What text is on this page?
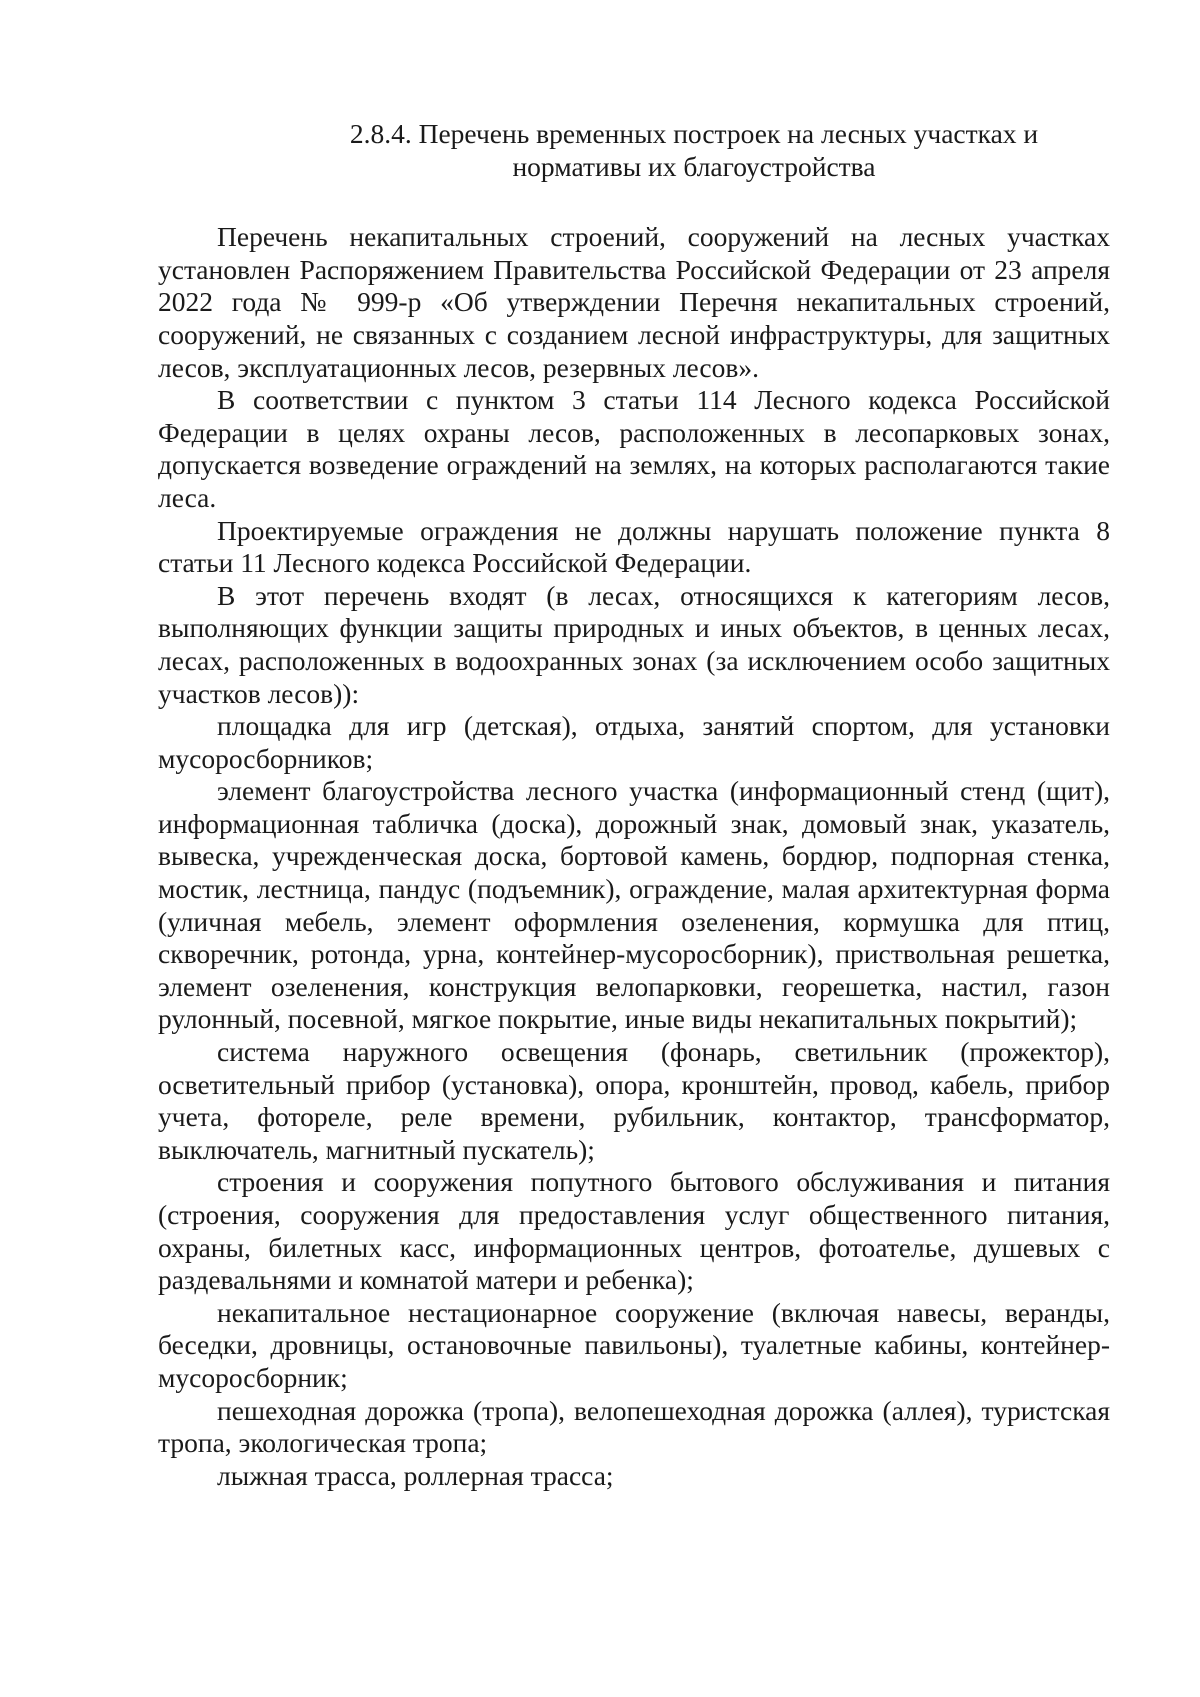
2.8.4. Перечень временных построек на лесных участках и
нормативы их благоустройства

Перечень некапитальных строений, сооружений на лесных участках установлен Распоряжением Правительства Российской Федерации от 23 апреля 2022 года № 999-р «Об утверждении Перечня некапитальных строений, сооружений, не связанных с созданием лесной инфраструктуры, для защитных лесов, эксплуатационных лесов, резервных лесов».

В соответствии с пунктом 3 статьи 114 Лесного кодекса Российской Федерации в целях охраны лесов, расположенных в лесопарковых зонах, допускается возведение ограждений на землях, на которых располагаются такие леса.

Проектируемые ограждения не должны нарушать положение пункта 8 статьи 11 Лесного кодекса Российской Федерации.

В этот перечень входят (в лесах, относящихся к категориям лесов, выполняющих функции защиты природных и иных объектов, в ценных лесах, лесах, расположенных в водоохранных зонах (за исключением особо защитных участков лесов)):

площадка для игр (детская), отдыха, занятий спортом, для установки мусоросборников;

элемент благоустройства лесного участка (информационный стенд (щит), информационная табличка (доска), дорожный знак, домовый знак, указатель, вывеска, учрежденческая доска, бортовой камень, бордюр, подпорная стенка, мостик, лестница, пандус (подъемник), ограждение, малая архитектурная форма (уличная мебель, элемент оформления озеленения, кормушка для птиц, скворечник, ротонда, урна, контейнер-мусоросборник), приствольная решетка, элемент озеленения, конструкция велопарковки, георешетка, настил, газон рулонный, посевной, мягкое покрытие, иные виды некапитальных покрытий);

система наружного освещения (фонарь, светильник (прожектор), осветительный прибор (установка), опора, кронштейн, провод, кабель, прибор учета, фотореле, реле времени, рубильник, контактор, трансформатор, выключатель, магнитный пускатель);

строения и сооружения попутного бытового обслуживания и питания (строения, сооружения для предоставления услуг общественного питания, охраны, билетных касс, информационных центров, фотоателье, душевых с раздевальнями и комнатой матери и ребенка);

некапитальное нестационарное сооружение (включая навесы, веранды, беседки, дровницы, остановочные павильоны), туалетные кабины, контейнер-мусоросборник;

пешеходная дорожка (тропа), велопешеходная дорожка (аллея), туристская тропа, экологическая тропа;

лыжная трасса, роллерная трасса;
